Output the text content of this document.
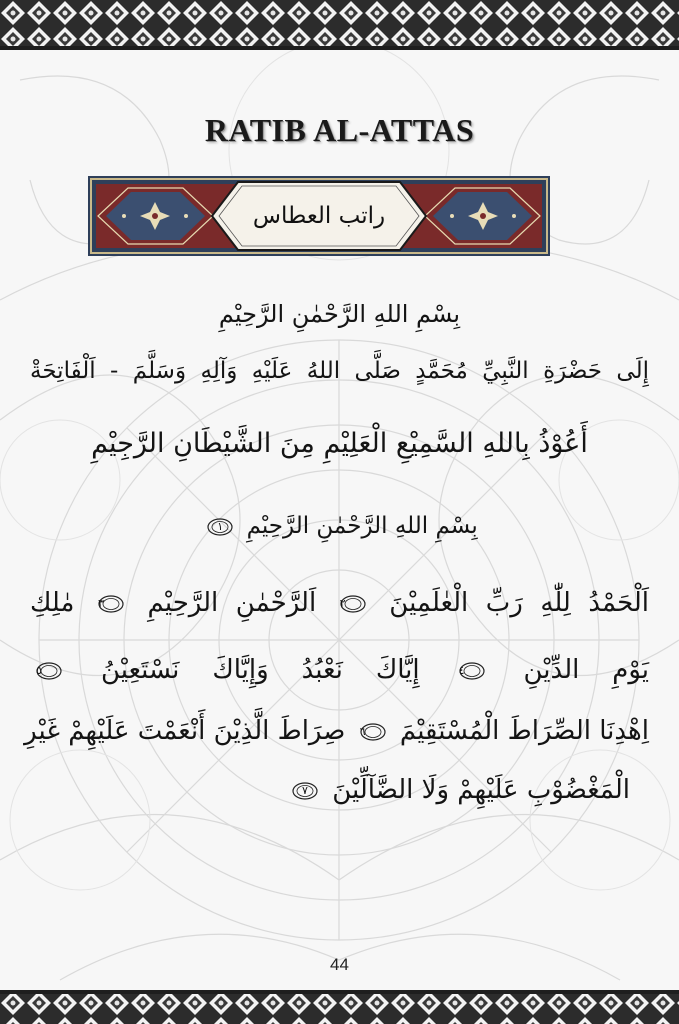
RATIB AL-ATTAS
راتب العطاس
بِسْمِ اللهِ الرَّحْمٰنِ الرَّحِيْمِ
إِلَى حَضْرَةِ النَّبِيِّ مُحَمَّدٍ صَلَّى اللهُ عَلَيْهِ وَآلِهِ وَسَلَّمَ - اَلْفَاتِحَةْ
أَعُوْذُ بِاللهِ السَّمِيْعِ الْعَلِيْمِ مِنَ الشَّيْطَانِ الرَّجِيْمِ
بِسْمِ اللهِ الرَّحْمٰنِ الرَّحِيْمِ
١
اَلْحَمْدُ لِلّٰهِ رَبِّ الْعٰلَمِيْنَ
٢
اَلرَّحْمٰنِ الرَّحِيْمِ
٣
مٰلِكِ
يَوْمِ الدِّيْنِ
٤
إِيَّاكَ نَعْبُدُ وَإِيَّاكَ نَسْتَعِيْنُ
٥
اِهْدِنَا الصِّرَاطَ الْمُسْتَقِيْمَ
٦
صِرَاطَ الَّذِيْنَ أَنْعَمْتَ عَلَيْهِمْ غَيْرِ
الْمَغْضُوْبِ عَلَيْهِمْ وَلَا الضَّآلِّيْنَ
٧
44
